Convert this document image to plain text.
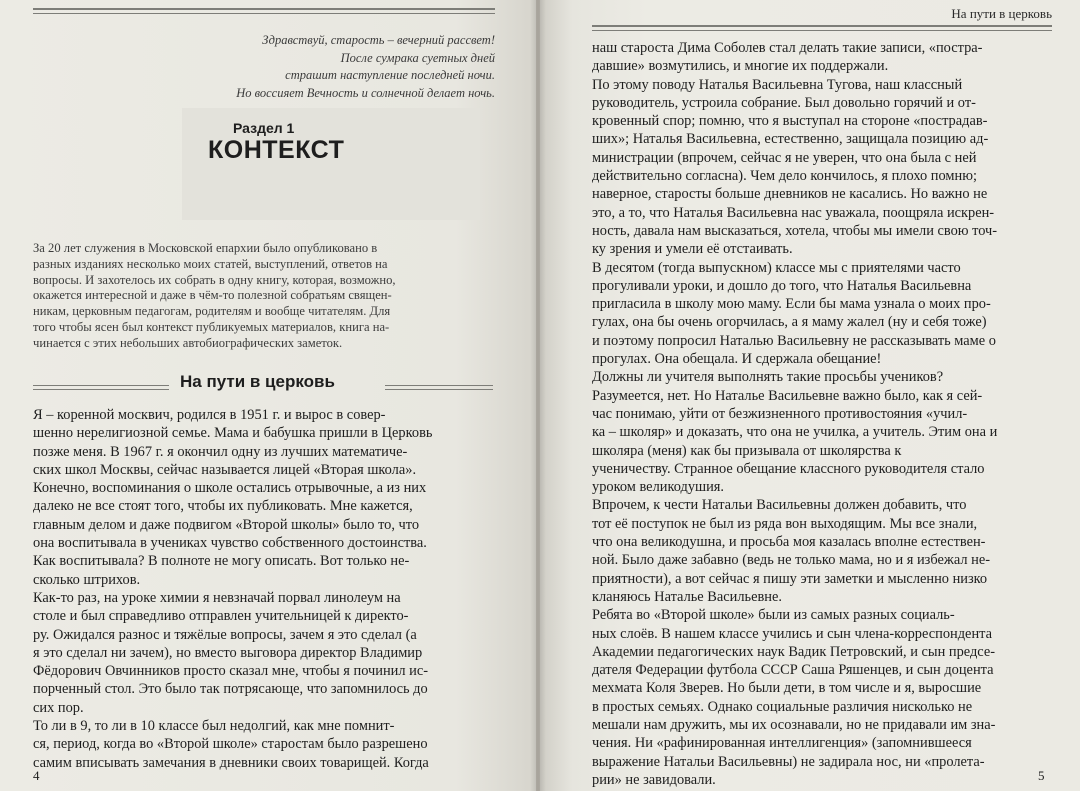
Здравствуй, старость – вечерний рассвет!
После сумрака суетных дней
страшит наступление последней ночи.
Но воссияет Вечность и солнечной делает ночь.
Раздел 1
КОНТЕКСТ
За 20 лет служения в Московской епархии было опубликовано в
разных изданиях несколько моих статей, выступлений, ответов на
вопросы. И захотелось их собрать в одну книгу, которая, возможно,
окажется интересной и даже в чём-то полезной собратьям священ-
никам, церковным педагогам, родителям и вообще читателям. Для
того чтобы ясен был контекст публикуемых материалов, книга на-
чинается с этих небольших автобиографических заметок.
На пути в церковь
Я – коренной москвич, родился в 1951 г. и вырос в совер-
шенно нерелигиозной семье. Мама и бабушка пришли в Церковь
позже меня. В 1967 г. я окончил одну из лучших математиче-
ских школ Москвы, сейчас называется лицей «Вторая школа».
Конечно, воспоминания о школе остались отрывочные, а из них
далеко не все стоят того, чтобы их публиковать. Мне кажется,
главным делом и даже подвигом «Второй школы» было то, что
она воспитывала в учениках чувство собственного достоинства.
Как воспитывала? В полноте не могу описать. Вот только не-
сколько штрихов.
Как-то раз, на уроке химии я невзначай порвал линолеум на
столе и был справедливо отправлен учительницей к директо-
ру. Ожидался разнос и тяжёлые вопросы, зачем я это сделал (а
я это сделал ни зачем), но вместо выговора директор Владимир
Фёдорович Овчинников просто сказал мне, чтобы я починил ис-
порченный стол. Это было так потрясающе, что запомнилось до
сих пор.
То ли в 9, то ли в 10 классе был недолгий, как мне помнит-
ся, период, когда во «Второй школе» старостам было разрешено
самим вписывать замечания в дневники своих товарищей. Когда
4
На пути в церковь
наш староста Дима Соболев стал делать такие записи, «постра-
давшие» возмутились, и многие их поддержали.
По этому поводу Наталья Васильевна Тугова, наш классный
руководитель, устроила собрание. Был довольно горячий и от-
кровенный спор; помню, что я выступал на стороне «пострадав-
ших»; Наталья Васильевна, естественно, защищала позицию ад-
министрации (впрочем, сейчас я не уверен, что она была с ней
действительно согласна). Чем дело кончилось, я плохо помню;
наверное, старосты больше дневников не касались. Но важно не
это, а то, что Наталья Васильевна нас уважала, поощряла искрен-
ность, давала нам высказаться, хотела, чтобы мы имели свою точ-
ку зрения и умели её отстаивать.
В десятом (тогда выпускном) классе мы с приятелями часто
прогуливали уроки, и дошло до того, что Наталья Васильевна
пригласила в школу мою маму. Если бы мама узнала о моих про-
гулах, она бы очень огорчилась, а я маму жалел (ну и себя тоже)
и поэтому попросил Наталью Васильевну не рассказывать маме о
прогулах. Она обещала. И сдержала обещание!
Должны ли учителя выполнять такие просьбы учеников?
Разумеется, нет. Но Наталье Васильевне важно было, как я сей-
час понимаю, уйти от безжизненного противостояния «учил-
ка – школяр» и доказать, что она не училка, а учитель. Этим она и
школяра (меня) как бы призывала от школярства к
ученичеству. Странное обещание классного руководителя стало
уроком великодушия.
Впрочем, к чести Натальи Васильевны должен добавить, что
тот её поступок не был из ряда вон выходящим. Мы все знали,
что она великодушна, и просьба моя казалась вполне естествен-
ной. Было даже забавно (ведь не только мама, но и я избежал не-
приятности), а вот сейчас я пишу эти заметки и мысленно низко
кланяюсь Наталье Васильевне.
Ребята во «Второй школе» были из самых разных социаль-
ных слоёв. В нашем классе учились и сын члена-корреспондента
Академии педагогических наук Вадик Петровский, и сын предсе-
дателя Федерации футбола СССР Саша Ряшенцев, и сын доцента
мехмата Коля Зверев. Но были дети, в том числе и я, выросшие
в простых семьях. Однако социальные различия нисколько не
мешали нам дружить, мы их осознавали, но не придавали им зна-
чения. Ни «рафинированная интеллигенция» (запомнившееся
выражение Натальи Васильевны) не задирала нос, ни «пролета-
рии» не завидовали.	5
